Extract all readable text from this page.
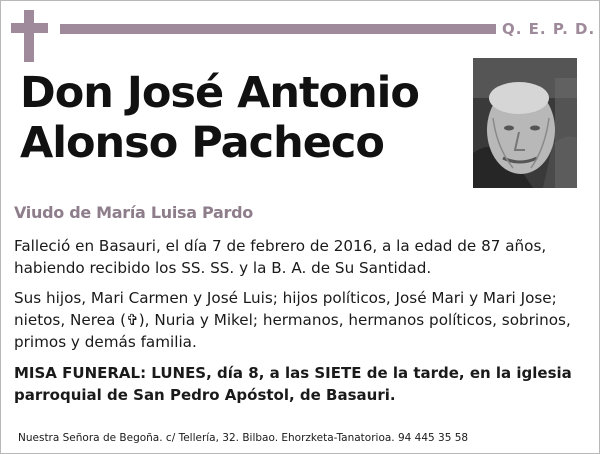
Q. E. P. D.
Don José Antonio
Alonso Pacheco
Viudo de María Luisa Pardo
Falleció en Basauri, el día 7 de febrero de 2016, a la edad de 87 años,
habiendo recibido los SS. SS. y la B. A. de Su Santidad.
Sus hijos, Mari Carmen y José Luis; hijos políticos, José Mari y Mari Jose;
nietos, Nerea (✞), Nuria y Mikel; hermanos, hermanos políticos, sobrinos,
primos y demás familia.
MISA FUNERAL: LUNES, día 8, a las SIETE de la tarde, en la iglesia
parroquial de San Pedro Apóstol, de Basauri.
Nuestra Señora de Begoña. c/ Tellería, 32. Bilbao. Ehorzketa-Tanatorioa. 94 445 35 58
